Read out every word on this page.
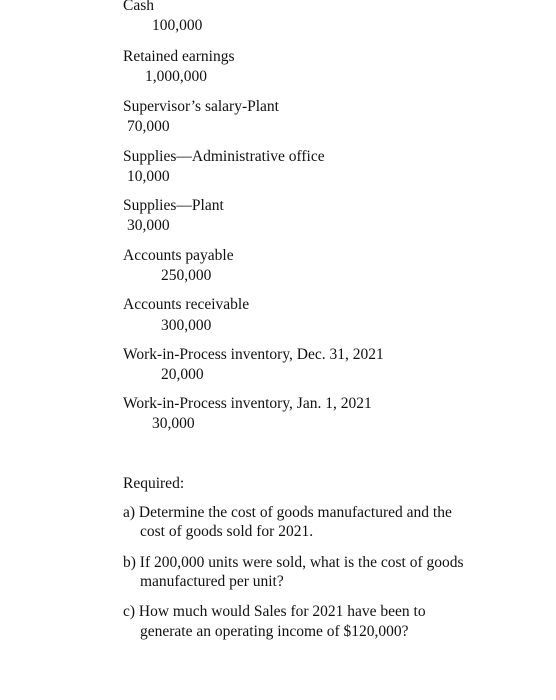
Cash
100,000
Retained earnings
1,000,000
Supervisor’s salary-Plant
70,000
Supplies—Administrative office
10,000
Supplies—Plant
30,000
Accounts payable
250,000
Accounts receivable
300,000
Work-in-Process inventory, Dec. 31, 2021
20,000
Work-in-Process inventory, Jan. 1, 2021
30,000
Required:
a) Determine the cost of goods manufactured and the
cost of goods sold for 2021.
b) If 200,000 units were sold, what is the cost of goods
manufactured per unit?
c) How much would Sales for 2021 have been to
generate an operating income of $120,000?
